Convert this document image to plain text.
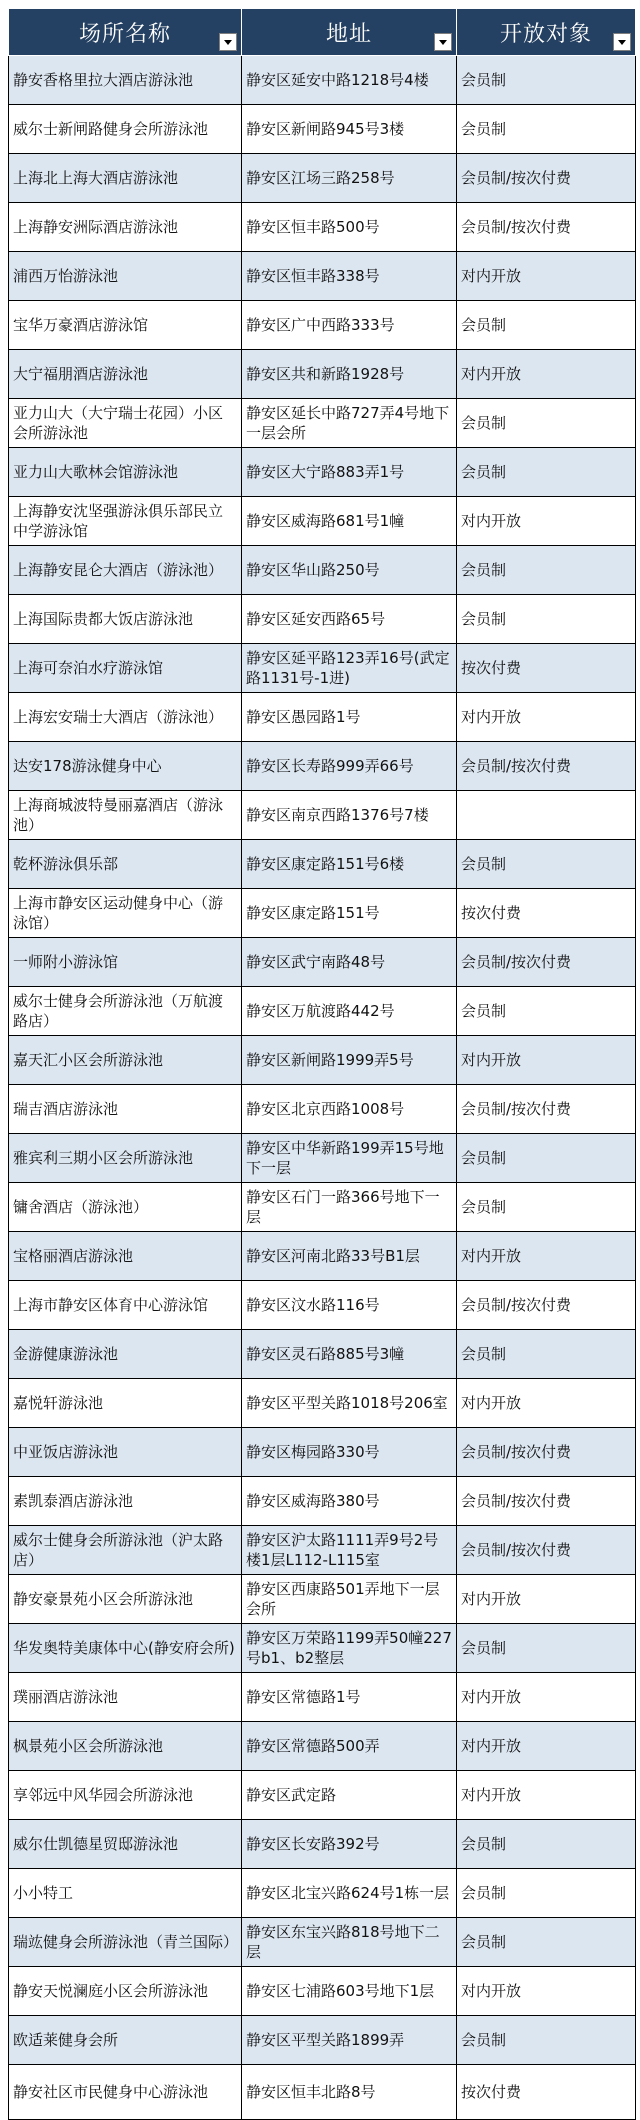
场所名称	地址	开放对象

静安香格里拉大酒店游泳池	静安区延安中路1218号4楼	会员制
威尔士新闸路健身会所游泳池	静安区新闸路945号3楼	会员制
上海北上海大酒店游泳池	静安区江场三路258号	会员制/按次付费
上海静安洲际酒店游泳池	静安区恒丰路500号	会员制/按次付费
浦西万怡游泳池	静安区恒丰路338号	对内开放
宝华万豪酒店游泳馆	静安区广中西路333号	会员制
大宁福朋酒店游泳池	静安区共和新路1928号	对内开放
亚力山大（大宁瑞士花园）小区会所游泳池	静安区延长中路727弄4号地下一层会所	会员制
亚力山大歌林会馆游泳池	静安区大宁路883弄1号	会员制
上海静安沈坚强游泳俱乐部民立中学游泳馆	静安区威海路681号1幢	对内开放
上海静安昆仑大酒店（游泳池）	静安区华山路250号	会员制
上海国际贵都大饭店游泳池	静安区延安西路65号	会员制
上海可奈泊水疗游泳馆	静安区延平路123弄16号(武定路1131号-1进)	按次付费
上海宏安瑞士大酒店（游泳池）	静安区愚园路1号	对内开放
达安178游泳健身中心	静安区长寿路999弄66号	会员制/按次付费
上海商城波特曼丽嘉酒店（游泳池）	静安区南京西路1376号7楼	
乾杯游泳俱乐部	静安区康定路151号6楼	会员制
上海市静安区运动健身中心（游泳馆）	静安区康定路151号	按次付费
一师附小游泳馆	静安区武宁南路48号	会员制/按次付费
威尔士健身会所游泳池（万航渡路店）	静安区万航渡路442号	会员制
嘉天汇小区会所游泳池	静安区新闸路1999弄5号	对内开放
瑞吉酒店游泳池	静安区北京西路1008号	会员制/按次付费
雅宾利三期小区会所游泳池	静安区中华新路199弄15号地下一层	会员制
镛舍酒店（游泳池）	静安区石门一路366号地下一层	会员制
宝格丽酒店游泳池	静安区河南北路33号B1层	对内开放
上海市静安区体育中心游泳馆	静安区汶水路116号	会员制/按次付费
金游健康游泳池	静安区灵石路885号3幢	会员制
嘉悦轩游泳池	静安区平型关路1018号206室	对内开放
中亚饭店游泳池	静安区梅园路330号	会员制/按次付费
素凯泰酒店游泳池	静安区威海路380号	会员制/按次付费
威尔士健身会所游泳池（沪太路店）	静安区沪太路1111弄9号2号楼1层L112-L115室	会员制/按次付费
静安豪景苑小区会所游泳池	静安区西康路501弄地下一层会所	对内开放
华发奥特美康体中心(静安府会所)	静安区万荣路1199弄50幢227号b1、b2整层	会员制
璞丽酒店游泳池	静安区常德路1号	对内开放
枫景苑小区会所游泳池	静安区常德路500弄	对内开放
享邻远中风华园会所游泳池	静安区武定路	对内开放
威尔仕凯德星贸邸游泳池	静安区长安路392号	会员制
小小特工	静安区北宝兴路624号1栋一层	会员制
瑞竑健身会所游泳池（青兰国际）	静安区东宝兴路818号地下二层	会员制
静安天悦澜庭小区会所游泳池	静安区七浦路603号地下1层	对内开放
欧适莱健身会所	静安区平型关路1899弄	会员制
静安社区市民健身中心游泳池	静安区恒丰北路8号	按次付费
